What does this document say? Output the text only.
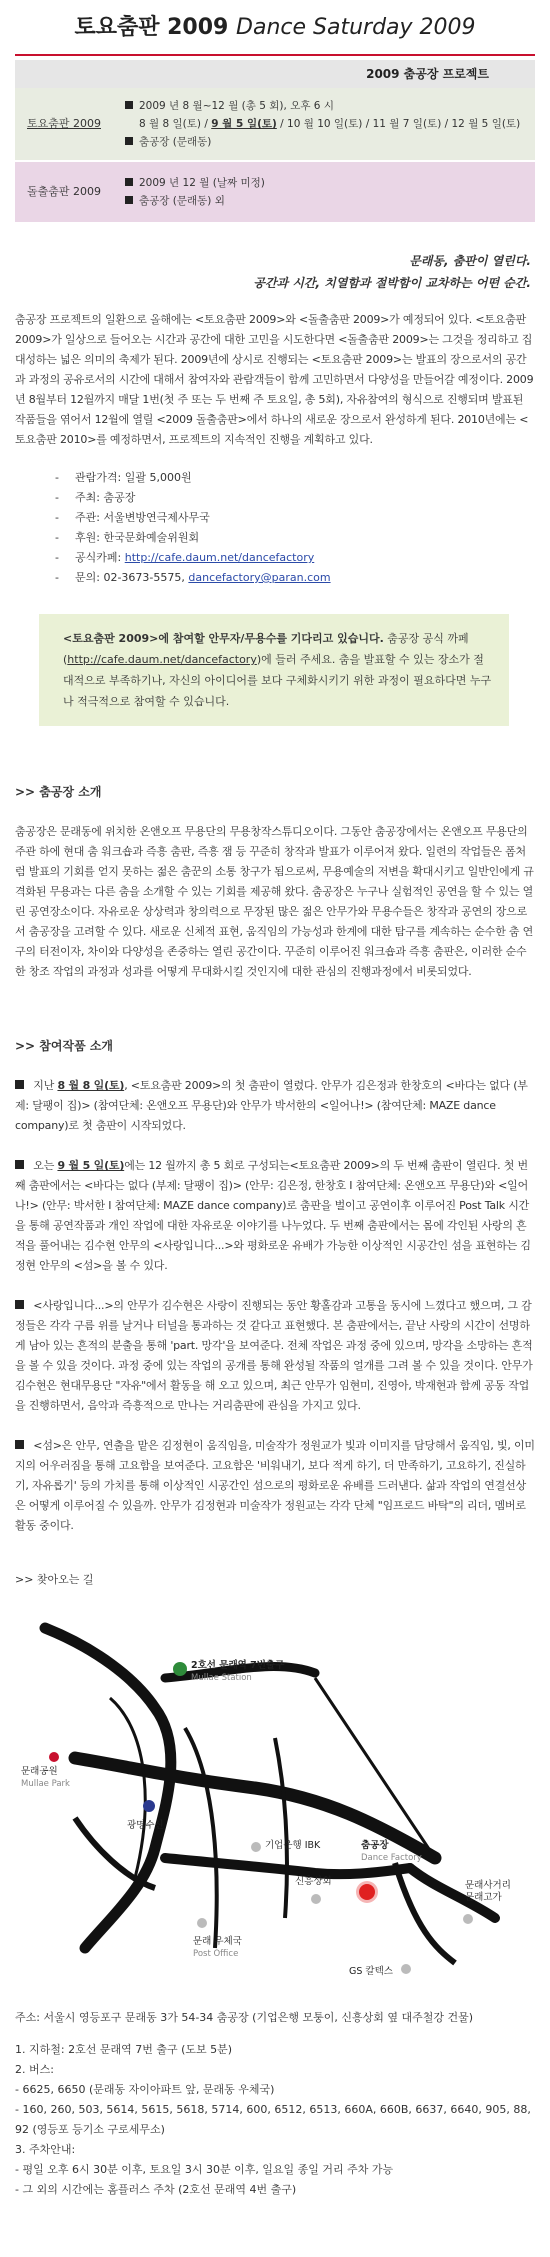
토요춤판 2009 Dance Saturday 2009
2009 춤공장 프로젝트
토요춤판 2009
2009 년 8 월~12 월 (총 5 회), 오후 6 시
8 월 8 일(토) / 9 월 5 일(토) / 10 월 10 일(토) / 11 월 7 일(토) / 12 월 5 일(토)
춤공장 (문래동)
돌출춤판 2009
2009 년 12 월 (날짜 미정)
춤공장 (문래동) 외
문래동, 춤판이 열린다.
공간과 시간, 치열함과 절박함이 교차하는 어떤 순간.

춤공장 프로젝트의 일환으로 올해에는 <토요춤판 2009>와 <돌출춤판 2009>가 예정되어 있다. <토요춤판 2009>가 일상으로 들어오는 시간과 공간에 대한 고민을 시도한다면 <돌출춤판 2009>는 그것을 정리하고 집대성하는 넓은 의미의 축제가 된다. 2009년에 상시로 진행되는 <토요춤판 2009>는 발표의 장으로서의 공간과 과정의 공유로서의 시간에 대해서 참여자와 관람객들이 함께 고민하면서 다양성을 만들어갈 예정이다. 2009년 8월부터 12월까지 매달 1번(첫 주 또는 두 번째 주 토요일, 총 5회), 자유참여의 형식으로 진행되며 발표된 작품들을 엮어서 12월에 열릴 <2009 돌출춤판>에서 하나의 새로운 장으로서 완성하게 된다. 2010년에는 <토요춤판 2010>를 예정하면서, 프로젝트의 지속적인 진행을 계획하고 있다.

- 관람가격: 일괄 5,000원
- 주최: 춤공장
- 주관: 서울변방연극제사무국
- 후원: 한국문화예술위원회
- 공식카페: http://cafe.daum.net/dancefactory
- 문의: 02-3673-5575, dancefactory@paran.com
<토요춤판 2009>에 참여할 안무자/무용수를 기다리고 있습니다. 춤공장 공식 까페 (http://cafe.daum.net/dancefactory)에 들러 주세요. 춤을 발표할 수 있는 장소가 절대적으로 부족하기나, 자신의 아이디어를 보다 구체화시키기 위한 과정이 필요하다면 누구나 적극적으로 참여할 수 있습니다.
>> 춤공장 소개

춤공장은 문래동에 위치한 온앤오프 무용단의 무용창작스튜디오이다. 그동안 춤공장에서는 온앤오프 무용단의 주관 하에 현대 춤 워크숍과 즉흥 춤판, 즉흥 잼 등 꾸준히 창작과 발표가 이루어져 왔다. 일련의 작업들은 폼처럼 발표의 기회를 얻지 못하는 젊은 춤꾼의 소통 창구가 됨으로써, 무용예술의 저변을 확대시키고 일반인에게 규격화된 무용과는 다른 춤을 소개할 수 있는 기회를 제공해 왔다. 춤공장은 누구나 실험적인 공연을 할 수 있는 열린 공연장소이다. 자유로운 상상력과 창의력으로 무장된 많은 젊은 안무가와 무용수들은 창작과 공연의 장으로서 춤공장을 고려할 수 있다. 새로운 신체적 표현, 움직임의 가능성과 한계에 대한 탐구를 계속하는 순수한 춤 연구의 터전이자, 차이와 다양성을 존중하는 열린 공간이다. 꾸준히 이루어진 워크숍과 즉흥 춤판은, 이러한 순수한 창조 작업의 과정과 성과를 어떻게 무대화시킬 것인지에 대한 관심의 진행과정에서 비롯되었다.

>> 참여작품 소개

지난 8 월 8 일(토), <토요춤판 2009>의 첫 춤판이 열렸다. 안무가 김은정과 한창호의 <바다는 없다 (부제: 달팽이 집)> (참여단체: 온앤오프 무용단)와 안무가 박서한의 <일어나!> (참여단체: MAZE dance company)로 첫 춤판이 시작되었다.

오는 9 월 5 일(토)에는 12 월까지 총 5 회로 구성되는<토요춤판 2009>의 두 번째 춤판이 열린다. 첫 번째 춤판에서는 <바다는 없다 (부제: 달팽이 집)> (안무: 김은정, 한창호 I 참여단체: 온앤오프 무용단)와 <일어나!> (안무: 박서한 I 참여단체: MAZE dance company)로 춤판을 벌이고 공연이후 이루어진 Post Talk 시간을 통해 공연작품과 개인 작업에 대한 자유로운 이야기를 나누었다. 두 번째 춤판에서는 몸에 각인된 사랑의 흔적을 풀어내는 김수현 안무의 <사랑입니다...>와 평화로운 유배가 가능한 이상적인 시공간인 섬을 표현하는 김정현 안무의 <섬>을 볼 수 있다.

<사랑입니다...>의 안무가 김수현은 사랑이 진행되는 동안 황홀감과 고통을 동시에 느꼈다고 했으며, 그 감정들은 각각 구름 위를 날거나 터널을 통과하는 것 같다고 표현했다. 본 춤판에서는, 끝난 사랑의 시간이 선명하게 남아 있는 흔적의 분출을 통해 'part. 망각'을 보여준다. 전체 작업은 과정 중에 있으며, 망각을 소망하는 흔적을 볼 수 있을 것이다. 과정 중에 있는 작업의 공개를 통해 완성될 작품의 얼개를 그려 볼 수 있을 것이다. 안무가 김수현은 현대무용단 "자유"에서 활동을 해 오고 있으며, 최근 안무가 임현미, 진영아, 박재현과 함께 공동 작업을 진행하면서, 음악과 즉흥적으로 만나는 거리춤판에 관심을 가지고 있다.

<섬>은 안무, 연출을 맡은 김정현이 움직임을, 미술작가 정원교가 빛과 이미지를 담당해서 움직임, 빛, 이미지의 어우러짐을 통해 고요함을 보여준다. 고요함은 '비워내기, 보다 적게 하기, 더 만족하기, 고요하기, 진실하기, 자유롭기' 등의 가치를 통해 이상적인 시공간인 섬으로의 평화로운 유배를 드러낸다. 삶과 작업의 연결선상은 어떻게 이루어질 수 있을까. 안무가 김정현과 미술작가 정원교는 각각 단체 "임프로드 바탁"의 리더, 멤버로 활동 중이다.

>> 찾아오는 길
2호선 문래역 7번출구
Mullae Station
문래공원
Mullae Park
광명수신
기업은행 IBK	춤공장
Dance Factory
신흥상회
문래 우체국
Post Office
문래사거리 문래고가
GS 칼텍스
주소: 서울시 영등포구 문래동 3가 54-34 춤공장 (기업은행 모퉁이, 신흥상회 옆 대주철강 건물)
1. 지하철: 2호선 문래역 7번 출구 (도보 5분)
2. 버스:
- 6625, 6650 (문래동 자이아파트 앞, 문래동 우체국)
- 160, 260, 503, 5614, 5615, 5618, 5714, 600, 6512, 6513, 660A, 660B, 6637, 6640, 905, 88, 92 (영등포 등기소 구로세무소)
3. 주차안내:
- 평일 오후 6시 30분 이후, 토요일 3시 30분 이후, 일요일 종일 거리 주차 가능
- 그 외의 시간에는 홈플러스 주차 (2호선 문래역 4번 출구)
